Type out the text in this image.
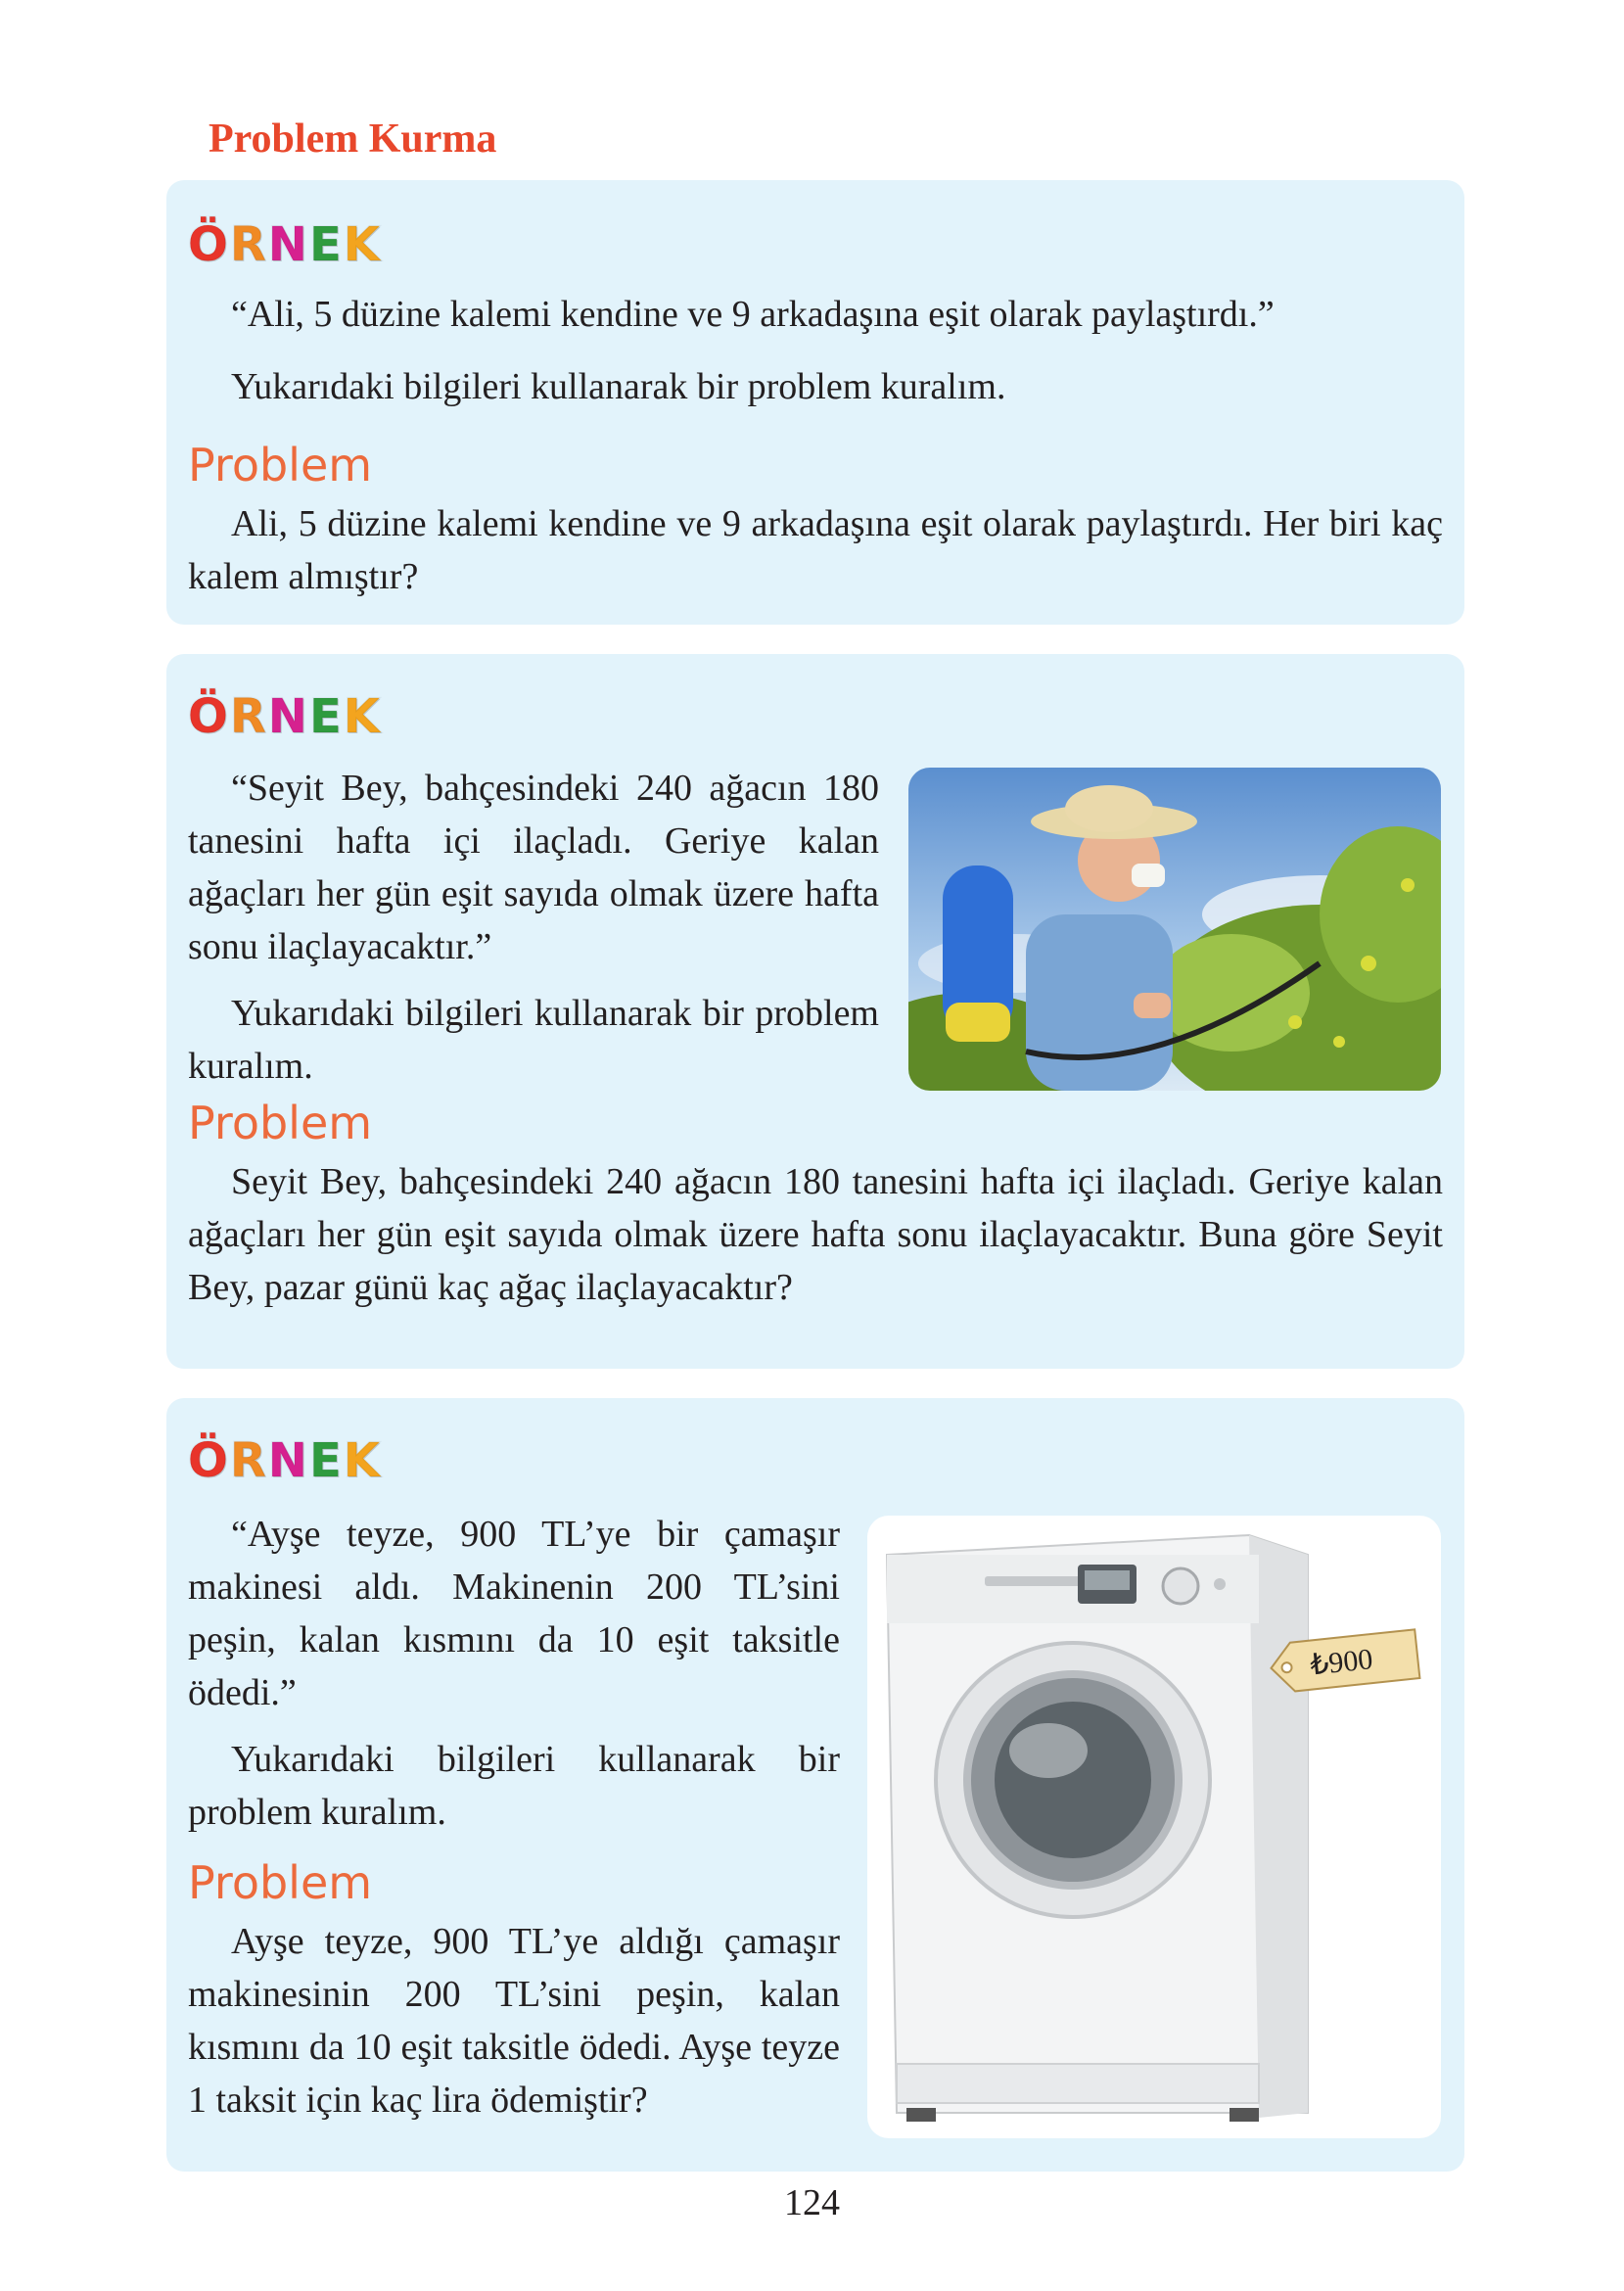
Problem Kurma
ÖRNEK

“Ali, 5 düzine kalemi kendine ve 9 arkadaşına eşit olarak paylaştırdı.”

Yukarıdaki bilgileri kullanarak bir problem kuralım.

Problem

Ali, 5 düzine kalemi kendine ve 9 arkadaşına eşit olarak paylaştırdı. Her biri kaç kalem almıştır?

ÖRNEK

“Seyit Bey, bahçesindeki 240 ağacın 180 tanesini hafta içi ilaçladı. Geriye kalan ağaçları her gün eşit sayıda olmak üzere hafta sonu ilaçlayacaktır.”

Yukarıdaki bilgileri kullanarak bir problem kuralım.

Problem

Seyit Bey, bahçesindeki 240 ağacın 180 tanesini hafta içi ilaçladı. Geriye kalan ağaçları her gün eşit sayıda olmak üzere hafta sonu ilaçlayacaktır. Buna göre Seyit Bey, pazar günü kaç ağaç ilaçlayacaktır?

ÖRNEK

“Ayşe teyze, 900 TL’ye bir çamaşır makinesi aldı. Makinenin 200 TL’sini peşin, kalan kısmını da 10 eşit taksitle ödedi.”

Yukarıdaki bilgileri kullanarak bir problem kuralım.

Problem

Ayşe teyze, 900 TL’ye aldığı çamaşır makinesinin 200 TL’sini peşin, kalan kısmını da 10 eşit taksitle ödedi. Ayşe teyze 1 taksit için kaç lira ödemiştir?

₺900
124
